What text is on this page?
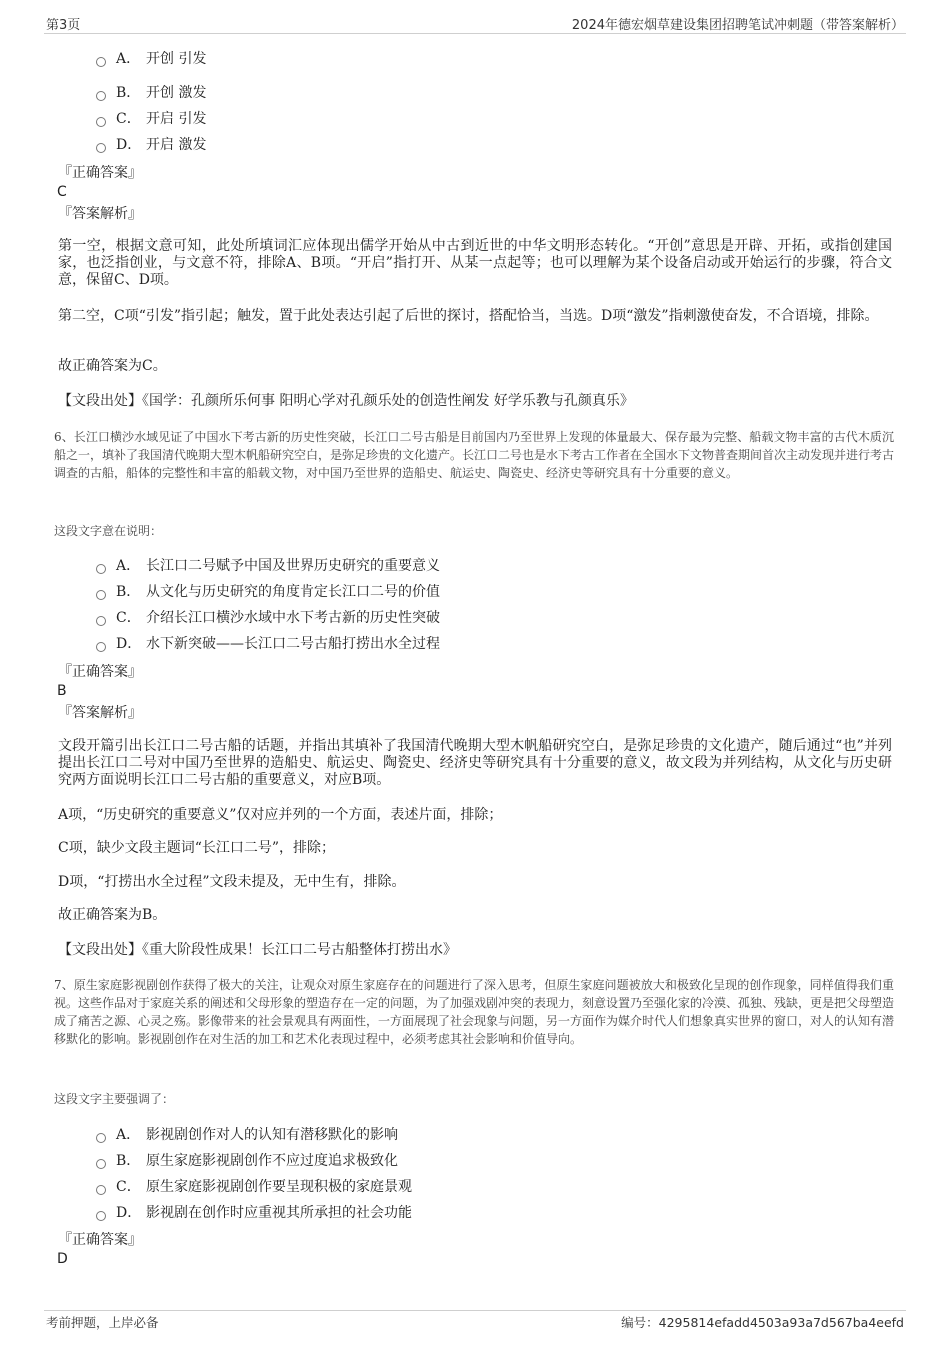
第3页	2024年德宏烟草建设集团招聘笔试冲刺题（带答案解析）
A． 开创 引发
B． 开创 激发
C． 开启 引发
D． 开启 激发
『正确答案』
C
『答案解析』
第一空，根据文意可知，此处所填词汇应体现出儒学开始从中古到近世的中华文明形态转化。“开创”意思是开辟、开拓，或指创建国家，也泛指创业，与文意不符，排除A、B项。“开启”指打开、从某一点起等；也可以理解为某个设备启动或开始运行的步骤，符合文意，保留C、D项。
第二空，C项“引发”指引起；触发，置于此处表达引起了后世的探讨，搭配恰当，当选。D项“激发”指刺激使奋发，不合语境，排除。
故正确答案为C。
【文段出处】《国学：孔颜所乐何事 阳明心学对孔颜乐处的创造性阐发 好学乐教与孔颜真乐》
6、长江口横沙水域见证了中国水下考古新的历史性突破，长江口二号古船是目前国内乃至世界上发现的体量最大、保存最为完整、船载文物丰富的古代木质沉船之一，填补了我国清代晚期大型木帆船研究空白，是弥足珍贵的文化遗产。长江口二号也是水下考古工作者在全国水下文物普查期间首次主动发现并进行考古调查的古船，船体的完整性和丰富的船载文物，对中国乃至世界的造船史、航运史、陶瓷史、经济史等研究具有十分重要的意义。
这段文字意在说明：
A． 长江口二号赋予中国及世界历史研究的重要意义
B． 从文化与历史研究的角度肯定长江口二号的价值
C． 介绍长江口横沙水域中水下考古新的历史性突破
D． 水下新突破——长江口二号古船打捞出水全过程
『正确答案』
B
『答案解析』
文段开篇引出长江口二号古船的话题，并指出其填补了我国清代晚期大型木帆船研究空白，是弥足珍贵的文化遗产，随后通过“也”并列提出长江口二号对中国乃至世界的造船史、航运史、陶瓷史、经济史等研究具有十分重要的意义，故文段为并列结构，从文化与历史研究两方面说明长江口二号古船的重要意义，对应B项。
A项，“历史研究的重要意义”仅对应并列的一个方面，表述片面，排除；
C项，缺少文段主题词“长江口二号”，排除；
D项，“打捞出水全过程”文段未提及，无中生有，排除。
故正确答案为B。
【文段出处】《重大阶段性成果！长江口二号古船整体打捞出水》
7、原生家庭影视剧创作获得了极大的关注，让观众对原生家庭存在的问题进行了深入思考，但原生家庭问题被放大和极致化呈现的创作现象，同样值得我们重视。这些作品对于家庭关系的阐述和父母形象的塑造存在一定的问题，为了加强戏剧冲突的表现力，刻意设置乃至强化家的冷漠、孤独、残缺，更是把父母塑造成了痛苦之源、心灵之殇。影像带来的社会景观具有两面性，一方面展现了社会现象与问题，另一方面作为媒介时代人们想象真实世界的窗口，对人的认知有潜移默化的影响。影视剧创作在对生活的加工和艺术化表现过程中，必须考虑其社会影响和价值导向。
这段文字主要强调了：
A． 影视剧创作对人的认知有潜移默化的影响
B． 原生家庭影视剧创作不应过度追求极致化
C． 原生家庭影视剧创作要呈现积极的家庭景观
D． 影视剧在创作时应重视其所承担的社会功能
『正确答案』
D
考前押题，上岸必备	编号：4295814efadd4503a93a7d567ba4eefd
